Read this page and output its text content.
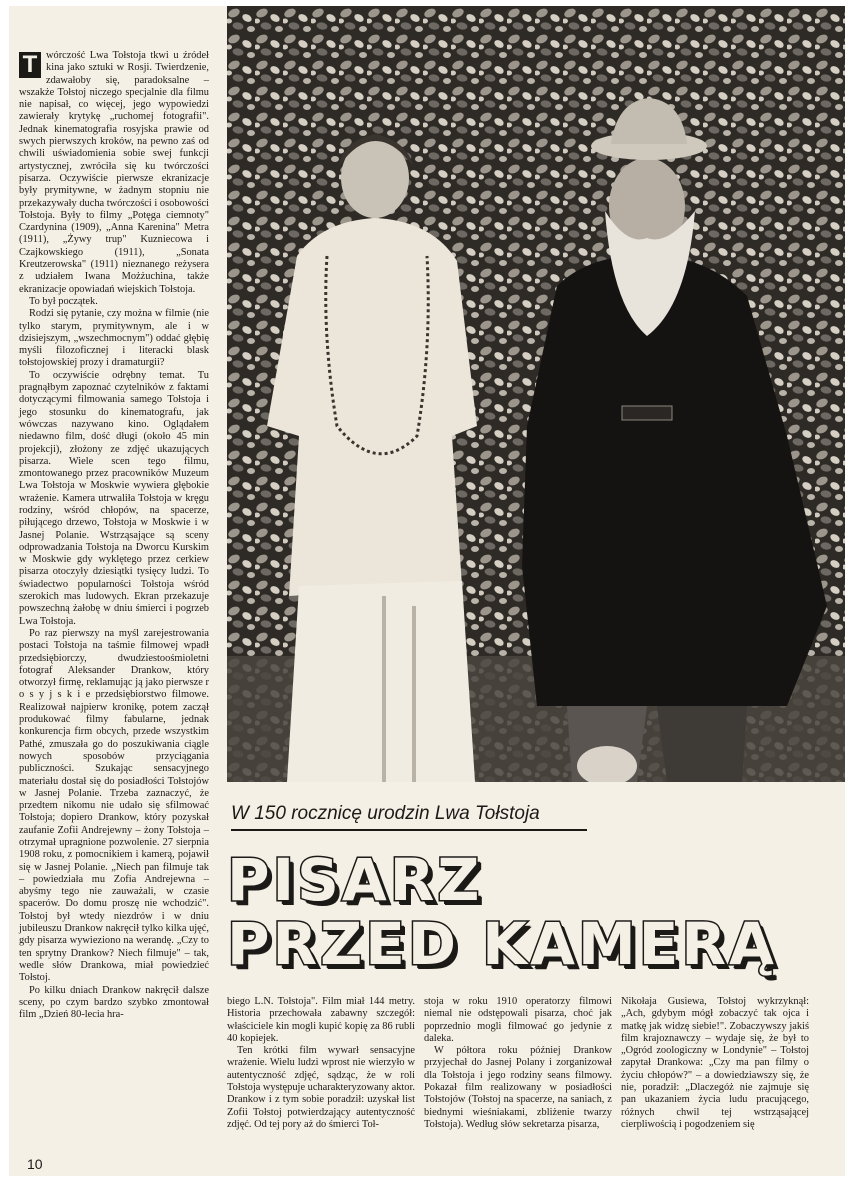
T wórczość Lwa Tołstoja tkwi u źródeł kina jako sztuki w Rosji. Twierdzenie, zdawałoby się, paradoksalne – wszakże Tołstoj niczego specjalnie dla filmu nie napisał, co więcej, jego wypowiedzi zawierały krytykę „ruchomej fotografii". Jednak kinematografia rosyjska prawie od swych pierwszych kroków, na pewno zaś od chwili uświadomienia sobie swej funkcji artystycznej, zwróciła się ku twórczości pisarza. Oczywiście pierwsze ekranizacje były prymitywne, w żadnym stopniu nie przekazywały ducha twórczości i osobowości Tołstoja. Były to filmy „Potęga ciemnoty" Czardynina (1909), „Anna Karenina" Metra (1911), „Żywy trup" Kuzniecowa i Czajkowskiego (1911), „Sonata Kreutzerowska" (1911) nieznanego reżysera z udziałem Iwana Możżuchina, także ekranizacje opowiadań wiejskich Tołstoja.

To był początek.

Rodzi się pytanie, czy można w filmie (nie tylko starym, prymitywnym, ale i w dzisiejszym, „wszechmocnym") oddać głębię myśli filozoficznej i literacki blask tołstojowskiej prozy i dramaturgii?

To oczywiście odrębny temat. Tu pragnąłbym zapoznać czytelników z faktami dotyczącymi filmowania samego Tołstoja i jego stosunku do kinematografu, jak wówczas nazywano kino. Oglądałem niedawno film, dość długi (około 45 min projekcji), złożony ze zdjęć ukazujących pisarza. Wiele scen tego filmu, zmontowanego przez pracowników Muzeum Lwa Tołstoja w Moskwie wywiera głębokie wrażenie. Kamera utrwaliła Tołstoja w kręgu rodziny, wśród chłopów, na spacerze, piłującego drzewo, Tołstoja w Moskwie i w Jasnej Polanie. Wstrząsające są sceny odprowadzania Tołstoja na Dworcu Kurskim w Moskwie gdy wyklętego przez cerkiew pisarza otoczyły dziesiątki tysięcy ludzi. To świadectwo popularności Tołstoja wśród szerokich mas ludowych. Ekran przekazuje powszechną żałobę w dniu śmierci i pogrzeb Lwa Tołstoja.

Po raz pierwszy na myśl zarejestrowania postaci Tołstoja na taśmie filmowej wpadł przedsiębiorczy, dwudziestoośmioletni fotograf Aleksander Drankow, który otworzył firmę, reklamując ją jako pierwsze r o s y j s k i e przedsiębiorstwo filmowe. Realizował najpierw kronikę, potem zaczął produkować filmy fabularne, jednak konkurencja firm obcych, przede wszystkim Pathé, zmuszała go do poszukiwania ciągle nowych sposobów przyciągania publiczności. Szukając sensacyjnego materiału dostał się do posiadłości Tołstojów w Jasnej Polanie. Trzeba zaznaczyć, że przedtem nikomu nie udało się sfilmować Tołstoja; dopiero Drankow, który pozyskał zaufanie Zofii Andrejewny – żony Tołstoja – otrzymał upragnione pozwolenie. 27 sierpnia 1908 roku, z pomocnikiem i kamerą, pojawił się w Jasnej Polanie. „Niech pan filmuje tak – powiedziała mu Zofia Andrejewna – abyśmy tego nie zauważali, w czasie spacerów. Do domu proszę nie wchodzić". Tołstoj był wtedy niezdrów i w dniu jubileuszu Drankow nakręcił tylko kilka ujęć, gdy pisarza wywieziono na werandę. „Czy to ten sprytny Drankow? Niech filmuje" – tak, wedle słów Drankowa, miał powiedzieć Tołstoj.

Po kilku dniach Drankow nakręcił dalsze sceny, po czym bardzo szybko zmontował film „Dzień 80-lecia hra-

W 150 rocznicę urodzin Lwa Tołstoja
PISARZ
PRZED KAMERĄ

biego L.N. Tołstoja". Film miał 144 metry. Historia przechowała zabawny szczegół: właściciele kin mogli kupić kopię za 86 rubli 40 kopiejek.

Ten krótki film wywarł sensacyjne wrażenie. Wielu ludzi wprost nie wierzyło w autentyczność zdjęć, sądząc, że w roli Tołstoja występuje ucharakteryzowany aktor. Drankow i z tym sobie poradził: uzyskał list Zofii Tołstoj potwierdzający autentyczność zdjęć. Od tej pory aż do śmierci Toł-

stoja w roku 1910 operatorzy filmowi niemal nie odstępowali pisarza, choć jak poprzednio mogli filmować go jedynie z daleka.

W półtora roku później Drankow przyjechał do Jasnej Polany i zorganizował dla Tołstoja i jego rodziny seans filmowy. Pokazał film realizowany w posiadłości Tołstojów (Tołstoj na spacerze, na saniach, z biednymi wieśniakami, zbliżenie twarzy Tołstoja). Według słów sekretarza pisarza,

Nikołaja Gusiewa, Tołstoj wykrzyknął: „Ach, gdybym mógł zobaczyć tak ojca i matkę jak widzę siebie!". Zobaczywszy jakiś film krajoznawczy – wydaje się, że był to „Ogród zoologiczny w Londynie" – Tołstoj zapytał Drankowa: „Czy ma pan filmy o życiu chłopów?" – a dowiedziawszy się, że nie, poradził: „Dlaczegóż nie zajmuje się pan ukazaniem życia ludu pracującego, różnych chwil tej wstrząsającej cierpliwością i pogodzeniem się

10
